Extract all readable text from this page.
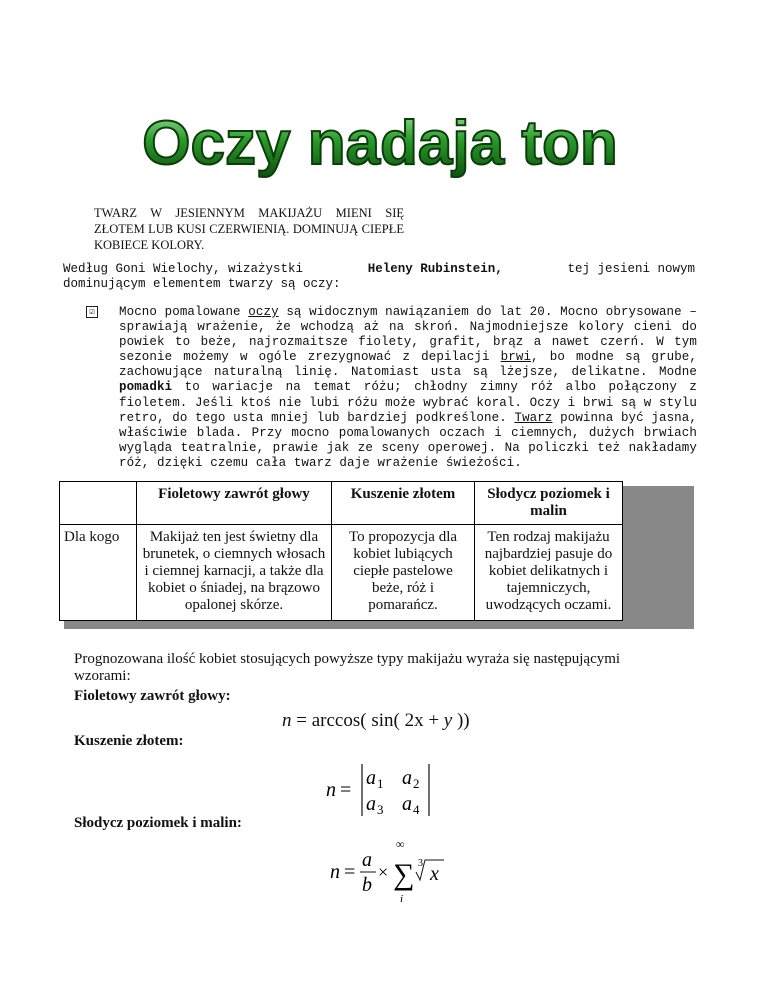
Oczy nadaja ton
TWARZ W JESIENNYM MAKIJAŻU MIENI SIĘ ZŁOTEM LUB KUSI CZERWIENIĄ. DOMINUJĄ CIEPŁE KOBIECE KOLORY.
Według Goni Wielochy, wizażystki	Heleny Rubinstein,	tej jesieni nowym
dominującym elementem twarzy są oczy:
☑ Mocno pomalowane oczy są widocznym nawiązaniem do lat 20. Mocno obrysowane – sprawiają wrażenie, że wchodzą aż na skroń. Najmodniejsze kolory cieni do powiek to beże, najrozmaitsze fiolety, grafit, brąz a nawet czerń. W tym sezonie możemy w ogóle zrezygnować z depilacji brwi, bo modne są grube, zachowujące naturalną linię. Natomiast usta są lżejsze, delikatne. Modne pomadki to wariacje na temat różu; chłodny zimny róż albo połączony z fioletem. Jeśli ktoś nie lubi różu może wybrać koral. Oczy i brwi są w stylu retro, do tego usta mniej lub bardziej podkreślone. Twarz powinna być jasna, właściwie blada. Przy mocno pomalowanych oczach i ciemnych, dużych brwiach wygląda teatralnie, prawie jak ze sceny operowej. Na policzki też nakładamy róż, dzięki czemu cała twarz daje wrażenie świeżości.
	Fioletowy zawrót głowy	Kuszenie złotem	Słodycz poziomek i malin
Dla kogo	Makijaż ten jest świetny dla brunetek, o ciemnych włosach i ciemnej karnacji, a także dla kobiet o śniadej, na brązowo opalonej skórze.	To propozycja dla kobiet lubiących ciepłe pastelowe beże, róż i pomarańcz.	Ten rodzaj makijażu najbardziej pasuje do kobiet delikatnych i tajemniczych, uwodzących oczami.
Prognozowana ilość kobiet stosujących powyższe typy makijażu wyraża się następującymi wzorami:
Fioletowy zawrót głowy:
n = arccos( sin( 2x + y ))
Kuszenie złotem:
n =
a 1 a 2
a 3 a 4
Słodycz poziomek i malin:
n =
a
b
×
∞
∑
i
3 x
